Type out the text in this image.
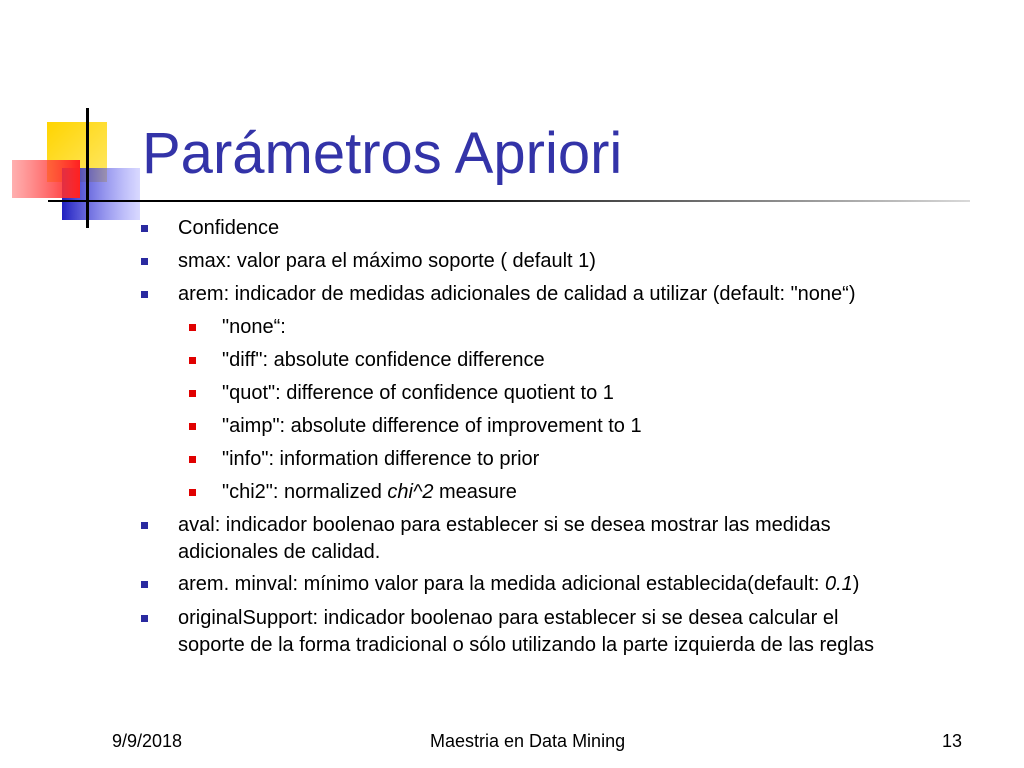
Parámetros Apriori
Confidence
smax: valor para el máximo soporte ( default 1)
arem: indicador de medidas adicionales de calidad a utilizar (default: "none“)
"none“:
"diff": absolute confidence difference
"quot": difference of confidence quotient to 1
"aimp": absolute difference of improvement to 1
"info": information difference to prior
"chi2": normalized chi^2 measure
aval: indicador boolenao para establecer si se desea mostrar las medidas
adicionales de calidad.
arem. minval: mínimo valor para la medida adicional establecida(default: 0.1)
originalSupport: indicador boolenao para establecer si se desea calcular el
soporte de la forma tradicional o sólo utilizando la parte izquierda de las reglas
9/9/2018	Maestria en Data Mining	13
